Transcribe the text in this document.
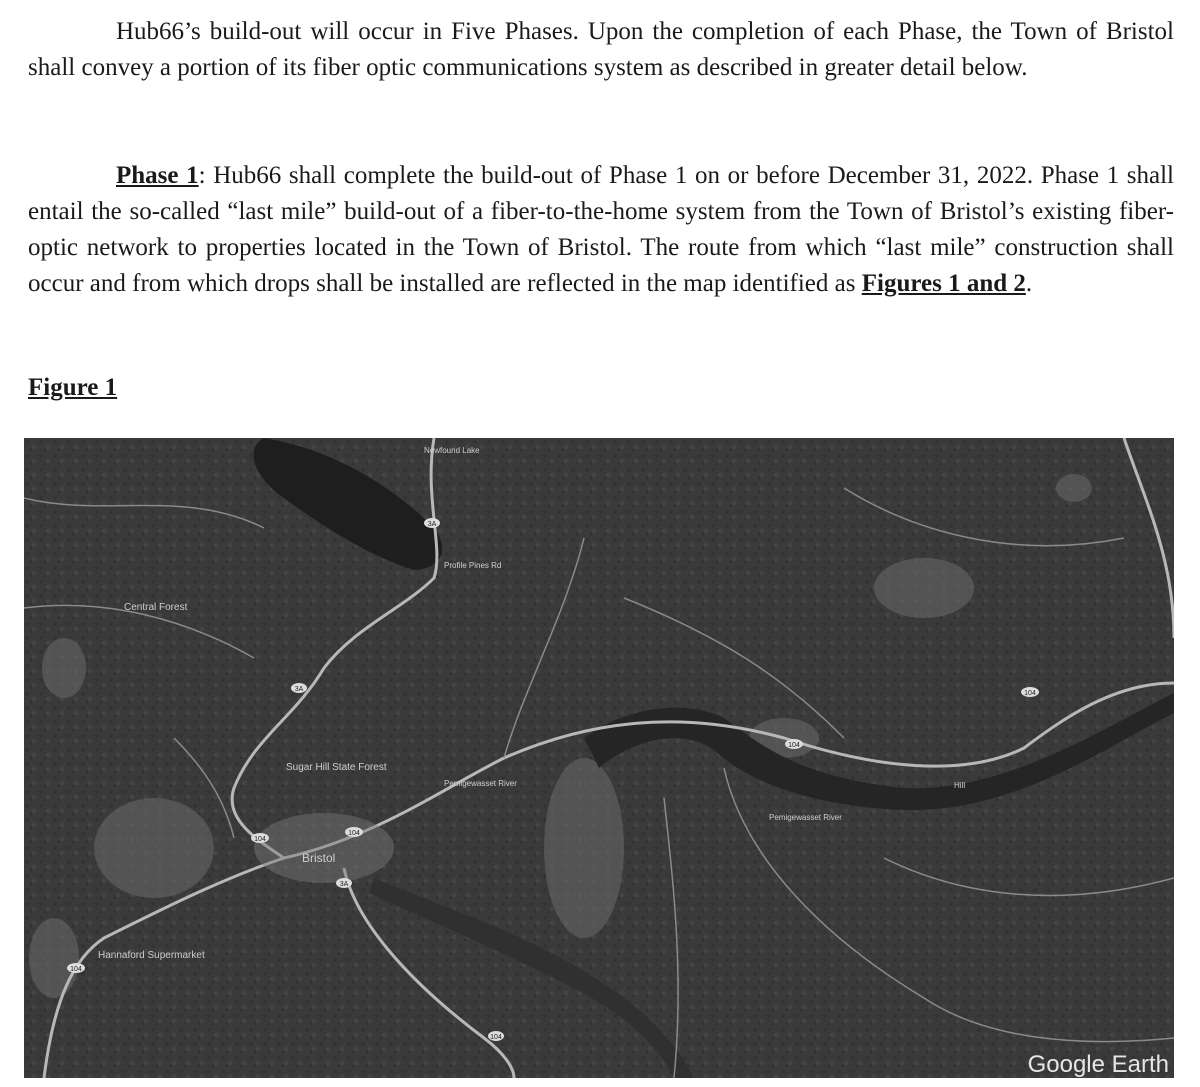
Hub66’s build-out will occur in Five Phases. Upon the completion of each Phase, the Town of Bristol shall convey a portion of its fiber optic communications system as described in greater detail below.

Phase 1: Hub66 shall complete the build-out of Phase 1 on or before December 31, 2022. Phase 1 shall entail the so-called “last mile” build-out of a fiber-to-the-home system from the Town of Bristol’s existing fiber-optic network to properties located in the Town of Bristol. The route from which “last mile” construction shall occur and from which drops shall be installed are reflected in the map identified as Figures 1 and 2.

Figure 1
Central Forest
Sugar Hill State Forest
Bristol
Hannaford Supermarket
Pemigewasset River
Pemigewasset River
Newfound Lake
Hill
Profile Pines Rd
3A
3A
3A
104
104
104
104
104
104
Google Earth
